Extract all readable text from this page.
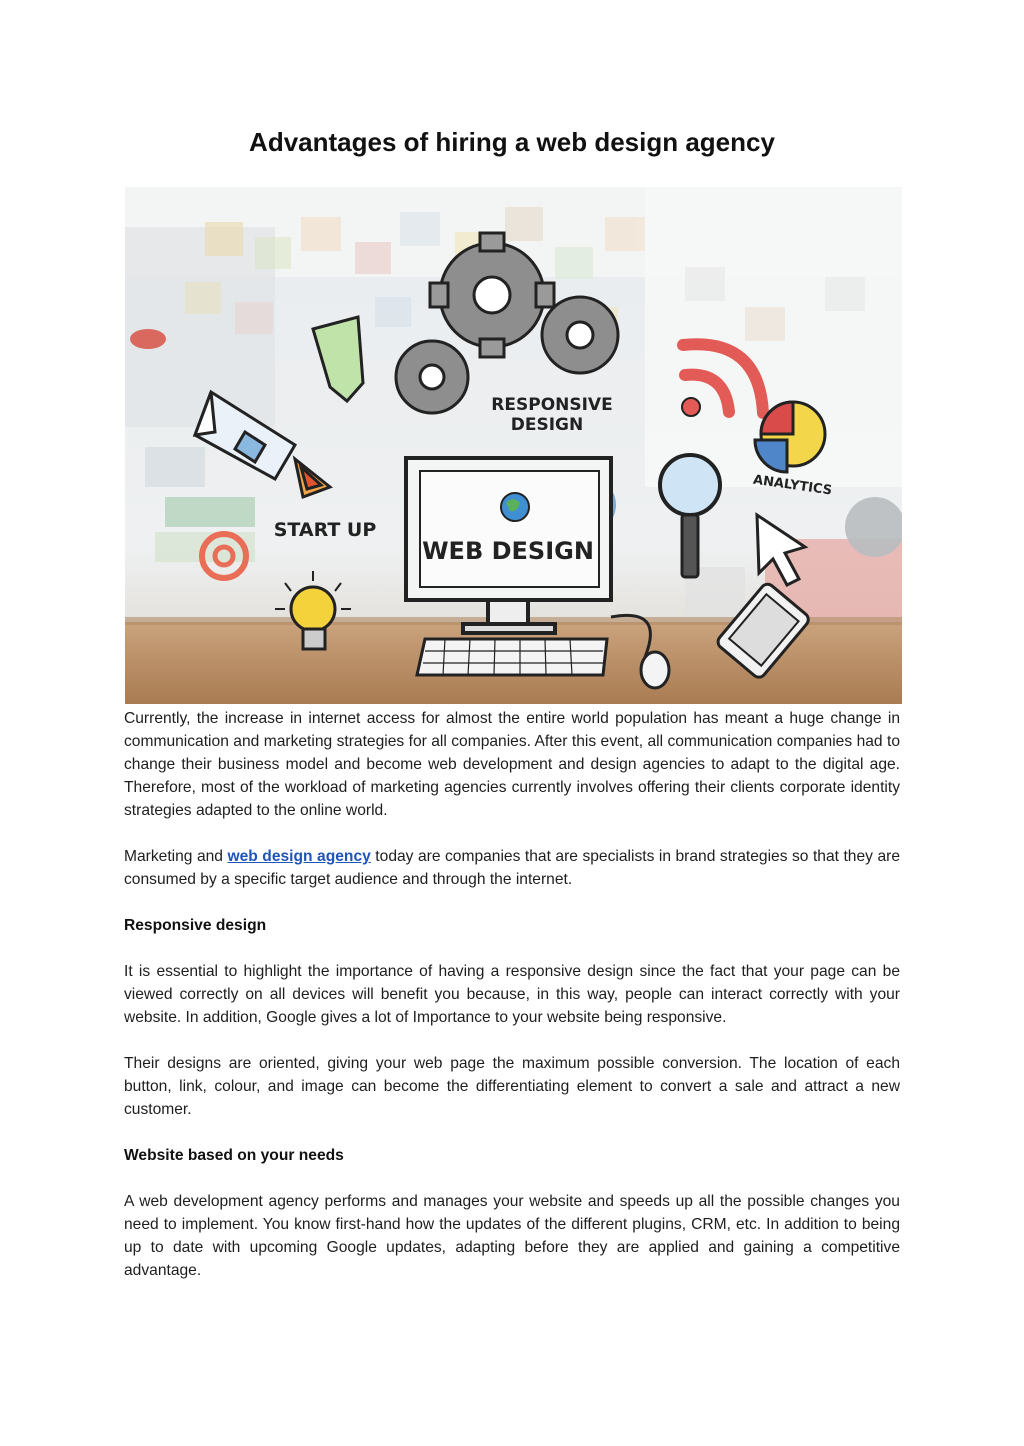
Advantages of hiring a web design agency
RESPONSIVE
DESIGN
START UP
WEB DESIGN
ANALYTICS

Currently, the increase in internet access for almost the entire world population has meant a huge change in communication and marketing strategies for all companies. After this event, all communication companies had to change their business model and become web development and design agencies to adapt to the digital age. Therefore, most of the workload of marketing agencies currently involves offering their clients corporate identity strategies adapted to the online world.

Marketing and web design agency today are companies that are specialists in brand strategies so that they are consumed by a specific target audience and through the internet.

Responsive design

It is essential to highlight the importance of having a responsive design since the fact that your page can be viewed correctly on all devices will benefit you because, in this way, people can interact correctly with your website. In addition, Google gives a lot of Importance to your website being responsive.

Their designs are oriented, giving your web page the maximum possible conversion. The location of each button, link, colour, and image can become the differentiating element to convert a sale and attract a new customer.

Website based on your needs

A web development agency performs and manages your website and speeds up all the possible changes you need to implement. You know first-hand how the updates of the different plugins, CRM, etc. In addition to being up to date with upcoming Google updates, adapting before they are applied and gaining a competitive advantage.
